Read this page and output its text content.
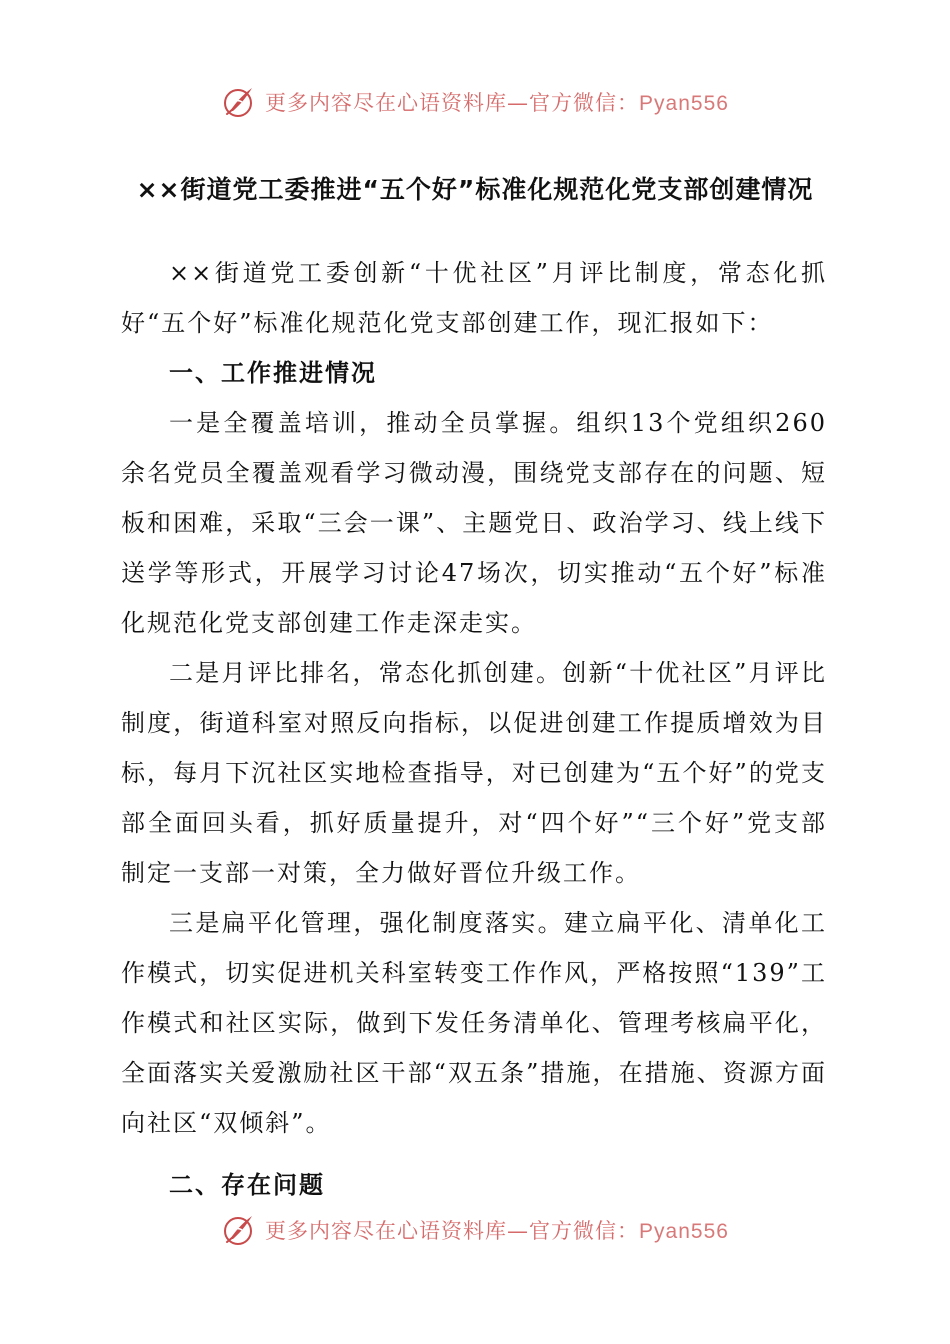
更多内容尽在心语资料库—官方微信：Pyan556
××街道党工委推进“五个好”标准化规范化党支部创建情况

××街道党工委创新“十优社区”月评比制度，常态化抓好“五个好”标准化规范化党支部创建工作，现汇报如下：

一、工作推进情况

一是全覆盖培训，推动全员掌握。组织13个党组织260余名党员全覆盖观看学习微动漫，围绕党支部存在的问题、短板和困难，采取“三会一课”、主题党日、政治学习、线上线下送学等形式，开展学习讨论47场次，切实推动“五个好”标准化规范化党支部创建工作走深走实。

二是月评比排名，常态化抓创建。创新“十优社区”月评比制度，街道科室对照反向指标，以促进创建工作提质增效为目标，每月下沉社区实地检查指导，对已创建为“五个好”的党支部全面回头看，抓好质量提升，对“四个好”“三个好”党支部制定一支部一对策，全力做好晋位升级工作。

三是扁平化管理，强化制度落实。建立扁平化、清单化工作模式，切实促进机关科室转变工作作风，严格按照“139”工作模式和社区实际，做到下发任务清单化、管理考核扁平化，全面落实关爱激励社区干部“双五条”措施，在措施、资源方面向社区“双倾斜”。

二、存在问题

更多内容尽在心语资料库—官方微信：Pyan556
